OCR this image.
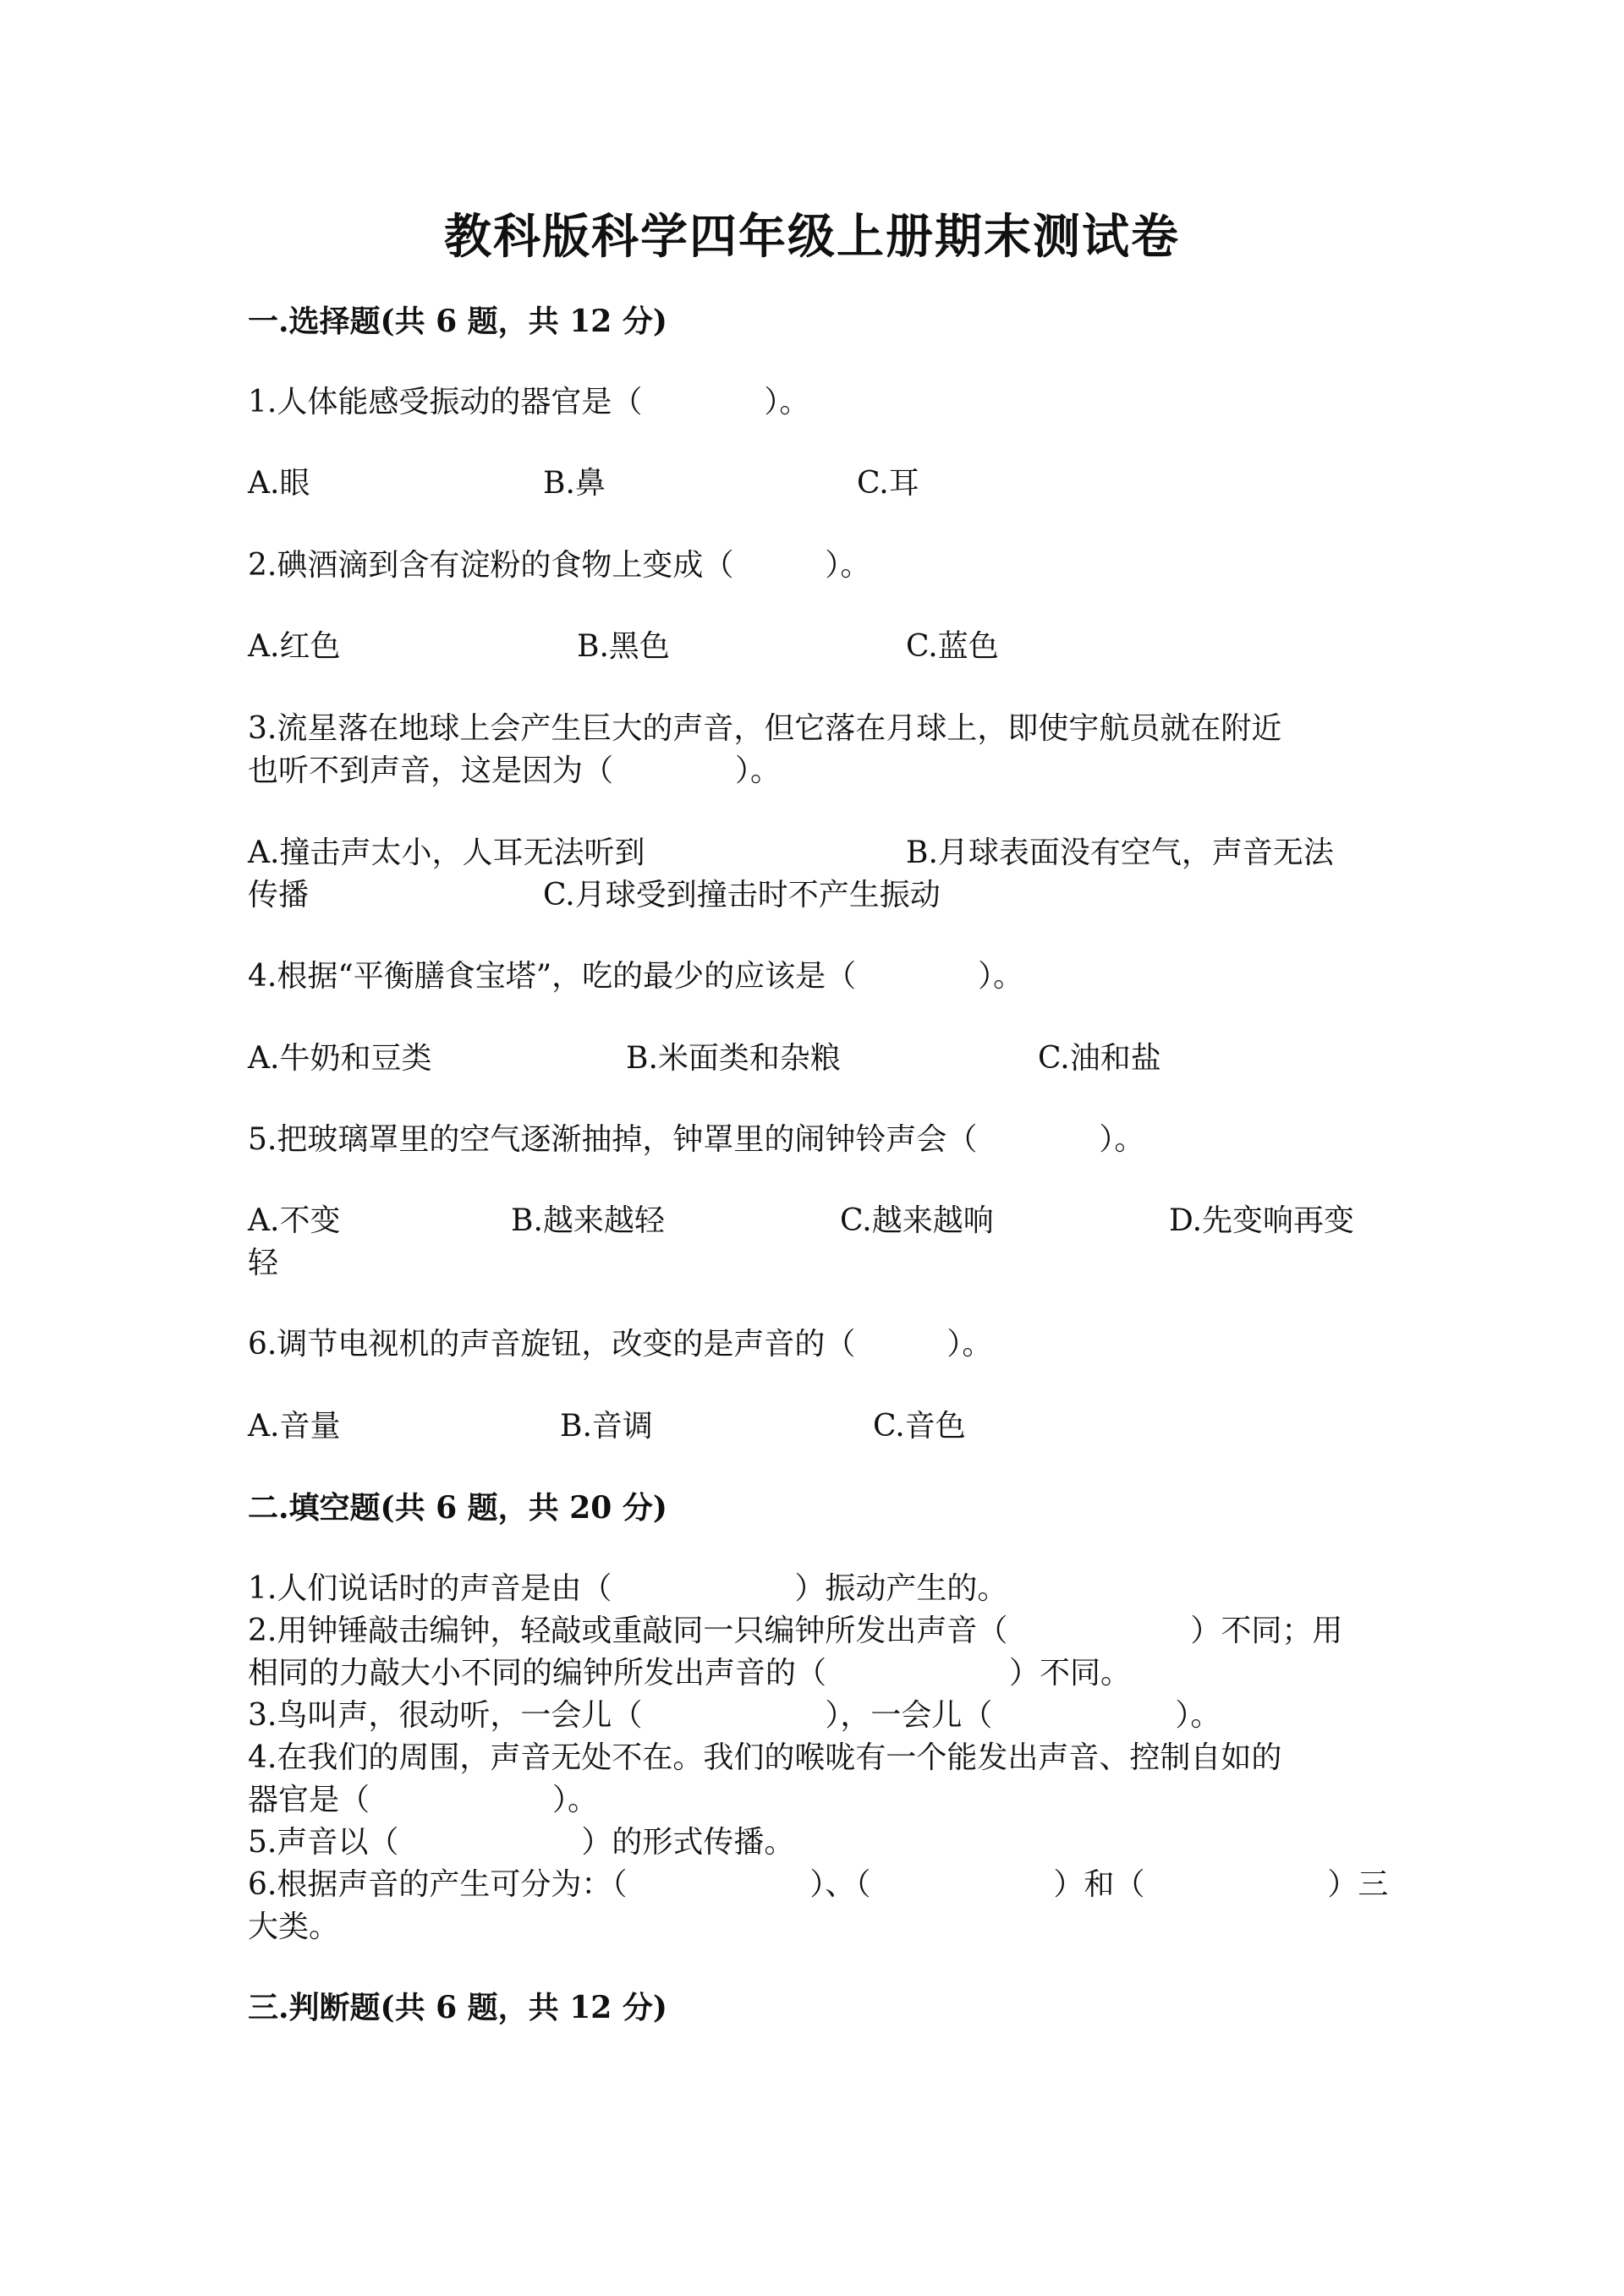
教科版科学四年级上册期末测试卷
一.选择题(共 6 题，共 12 分)
1.人体能感受振动的器官是（　　　　）。
A.眼	B.鼻	C.耳
2.碘酒滴到含有淀粉的食物上变成（　　　）。
A.红色	B.黑色	C.蓝色
3.流星落在地球上会产生巨大的声音，但它落在月球上，即使宇航员就在附近
也听不到声音，这是因为（　　　　）。
A.撞击声太小，人耳无法听到	B.月球表面没有空气，声音无法
传播	C.月球受到撞击时不产生振动
4.根据“平衡膳食宝塔”，吃的最少的应该是（　　　　）。
A.牛奶和豆类	B.米面类和杂粮	C.油和盐
5.把玻璃罩里的空气逐渐抽掉，钟罩里的闹钟铃声会（　　　　）。
A.不变	B.越来越轻	C.越来越响	D.先变响再变
轻
6.调节电视机的声音旋钮，改变的是声音的（　　　）。
A.音量	B.音调	C.音色
二.填空题(共 6 题，共 20 分)
1.人们说话时的声音是由（　　　　　　）振动产生的。
2.用钟锤敲击编钟，轻敲或重敲同一只编钟所发出声音（　　　　　　）不同；用
相同的力敲大小不同的编钟所发出声音的（　　　　　　）不同。
3.鸟叫声，很动听，一会儿（　　　　　　），一会儿（　　　　　　）。
4.在我们的周围，声音无处不在。我们的喉咙有一个能发出声音、控制自如的
器官是（　　　　　　）。
5.声音以（　　　　　　）的形式传播。
6.根据声音的产生可分为：（　　　　　　）、（　　　　　　）和（　　　　　　）三
大类。
三.判断题(共 6 题，共 12 分)
